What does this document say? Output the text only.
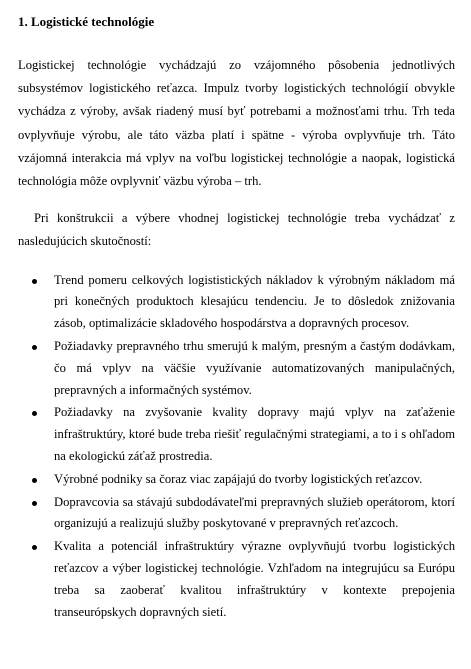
1. Logistické technológie

Logistickej technológie vychádzajú zo vzájomného pôsobenia jednotlivých subsystémov logistického reťazca. Impulz tvorby logistických technológií obvykle vychádza z výroby, avšak riadený musí byť potrebami a možnosťami trhu. Trh teda ovplyvňuje výrobu, ale táto väzba platí i spätne - výroba ovplyvňuje trh. Táto vzájomná interakcia má vplyv na voľbu logistickej technológie a naopak, logistická technológia môže ovplyvniť väzbu výroba – trh.

Pri konštrukcii a výbere vhodnej logistickej technológie treba vychádzať z nasledujúcich skutočností:

Trend pomeru celkových logististických nákladov k výrobným nákladom má pri konečných produktoch klesajúcu tendenciu. Je to dôsledok znižovania zásob, optimalizácie skladového hospodárstva a dopravných procesov.
Požiadavky prepravného trhu smerujú k malým, presným a častým dodávkam, čo má vplyv na väčšie využívanie automatizovaných manipulačných, prepravných a informačných systémov.
Požiadavky na zvyšovanie kvality dopravy majú vplyv na zaťaženie infraštruktúry, ktoré bude treba riešiť regulačnými strategiami, a to i s ohľadom na ekologickú záťaž prostredia.
Výrobné podniky sa čoraz viac zapájajú do tvorby logistických reťazcov.
Dopravcovia sa stávajú subdodávateľmi prepravných služieb operátorom, ktorí organizujú a realizujú služby poskytované v prepravných reťazcoch.
Kvalita a potenciál infraštruktúry výrazne ovplyvňujú tvorbu logistických reťazcov a výber logistickej technológie. Vzhľadom na integrujúcu sa Európu treba sa zaoberať kvalitou infraštruktúry v kontexte prepojenia transeurópskych dopravných sietí.
